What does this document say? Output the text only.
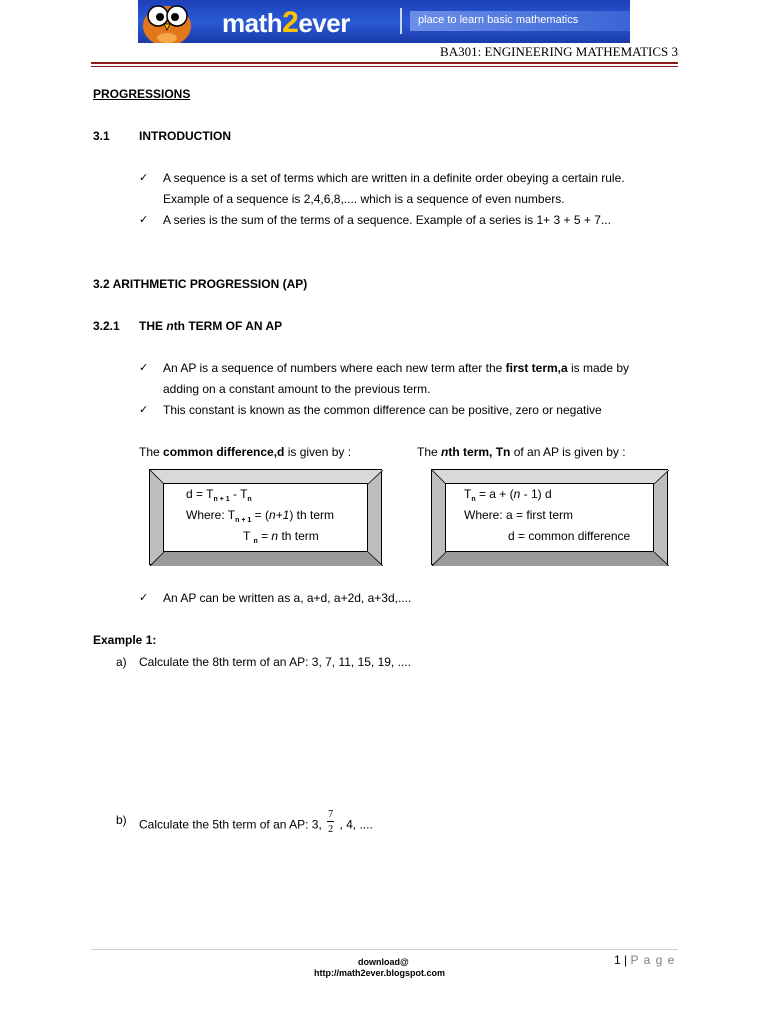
math2ever	place to learn basic mathematics
BA301: ENGINEERING MATHEMATICS 3
PROGRESSIONS
3.1 INTRODUCTION
✓ A sequence is a set of terms which are written in a definite order obeying a certain rule.
Example of a sequence is 2,4,6,8,.... which is a sequence of even numbers.
✓ A series is the sum of the terms of a sequence. Example of a series is 1+ 3 + 5 + 7...
3.2 ARITHMETIC PROGRESSION (AP)
3.2.1 THE nth TERM OF AN AP
✓ An AP is a sequence of numbers where each new term after the first term,a is made by
adding on a constant amount to the previous term.
✓ This constant is known as the common difference can be positive, zero or negative
The common difference,d is given by :	The nth term, Tn of an AP is given by :
$d = T_{n + 1} - T_n$
Where: $T_{n + 1} = (n+1)$ th term
T $_n$ = n th term
$T_n = a + (n - 1)$ d
Where: a = first term
d = common difference
✓ An AP can be written as a, a+d, a+2d, a+3d,....
Example 1:
a) Calculate the 8th term of an AP: 3, 7, 11, 15, 19, ....
b) Calculate the 5th term of an AP: 3, $\frac{7}{2}$ , 4, ....
download@
http://math2ever.blogspot.com
1 | P a g e
